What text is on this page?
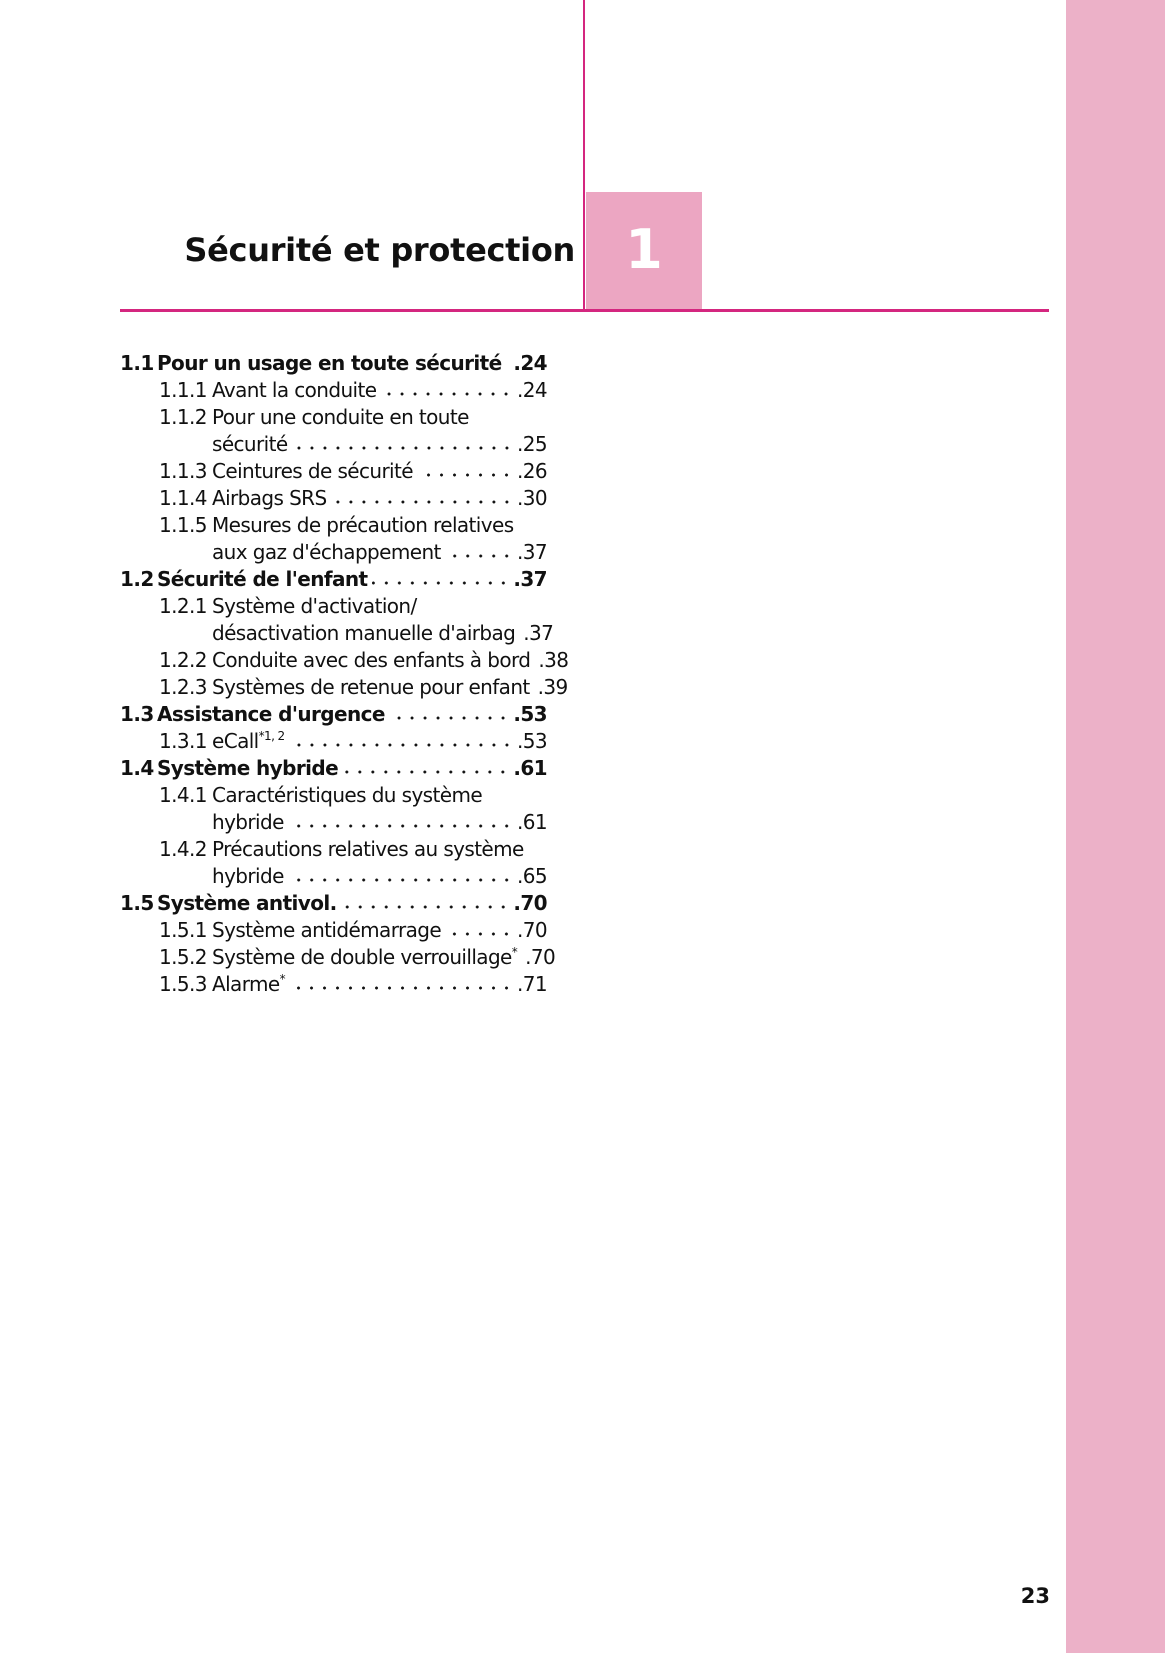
1
Sécurité et protection
1.1 Pour un usage en toute sécurité .24
1.1.1 Avant la conduite	.24
1.1.2 Pour une conduite en toute
sécurité	.25
1.1.3 Ceintures de sécurité	.26
1.1.4 Airbags SRS	.30
1.1.5 Mesures de précaution relatives
aux gaz d'échappement	.37
1.2 Sécurité de l'enfant	.37
1.2.1 Système d'activation/
désactivation manuelle d'airbag .37
1.2.2 Conduite avec des enfants à bord .38
1.2.3 Systèmes de retenue pour enfant .39
1.3 Assistance d'urgence	.53
1.3.1 eCall$^{*1, 2}$	.53
1.4 Système hybride	.61
1.4.1 Caractéristiques du système
hybride	.61
1.4.2 Précautions relatives au système
hybride	.65
1.5 Système antivol.	.70
1.5.1 Système antidémarrage	.70
1.5.2 Système de double verrouillage* .70
1.5.3 Alarme*	.71
23
